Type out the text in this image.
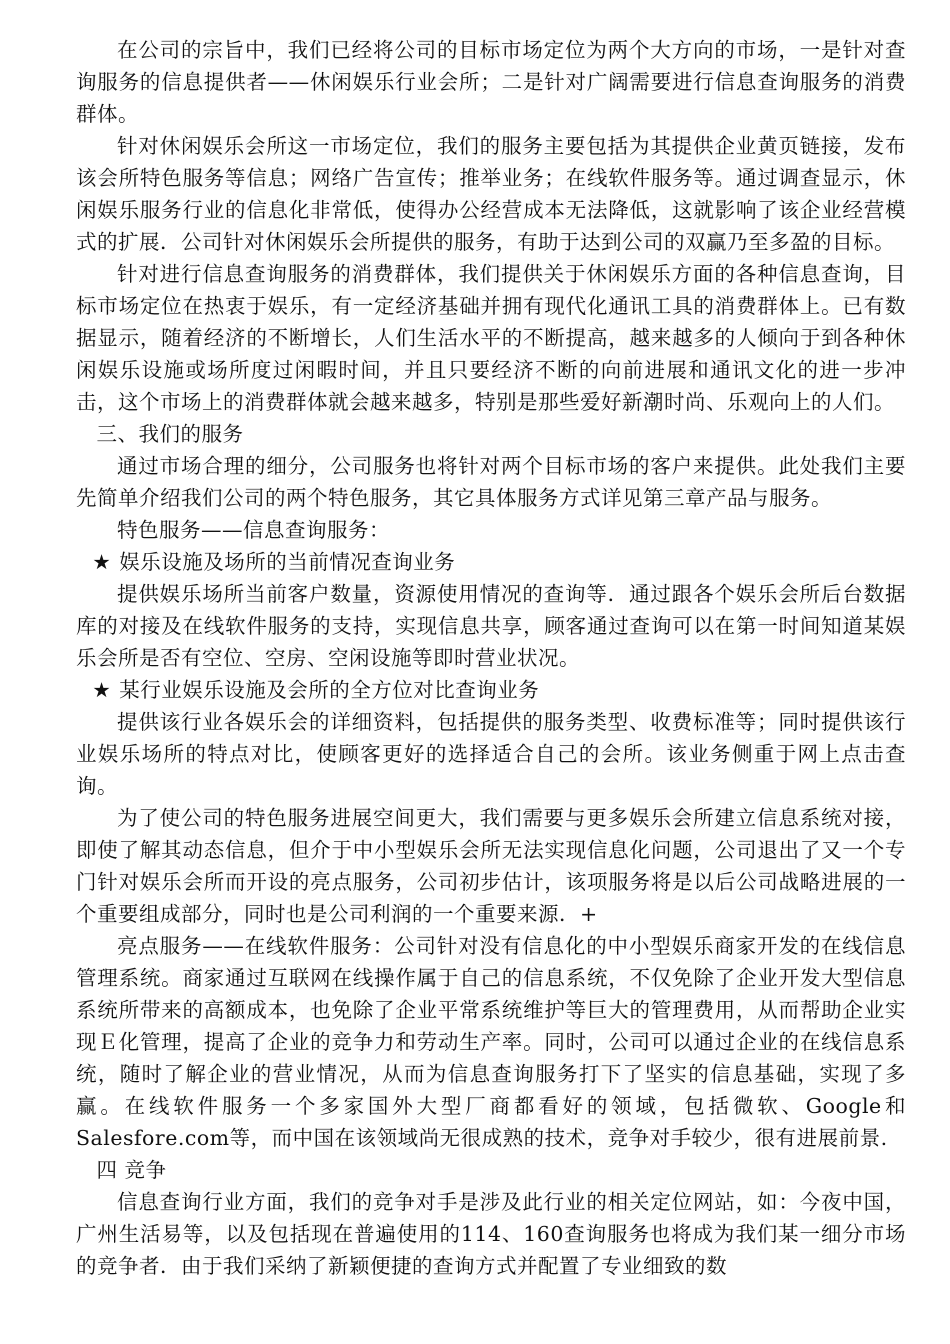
在公司的宗旨中，我们已经将公司的目标市场定位为两个大方向的市场，一是针对查询服务的信息提供者——休闲娱乐行业会所；二是针对广阔需要进行信息查询服务的消费群体。

针对休闲娱乐会所这一市场定位，我们的服务主要包括为其提供企业黄页链接，发布该会所特色服务等信息；网络广告宣传；推举业务；在线软件服务等。通过调查显示，休闲娱乐服务行业的信息化非常低，使得办公经营成本无法降低，这就影响了该企业经营模式的扩展．公司针对休闲娱乐会所提供的服务，有助于达到公司的双赢乃至多盈的目标。

针对进行信息查询服务的消费群体，我们提供关于休闲娱乐方面的各种信息查询，目标市场定位在热衷于娱乐，有一定经济基础并拥有现代化通讯工具的消费群体上。已有数据显示，随着经济的不断增长，人们生活水平的不断提高，越来越多的人倾向于到各种休闲娱乐设施或场所度过闲暇时间，并且只要经济不断的向前进展和通讯文化的进一步冲击，这个市场上的消费群体就会越来越多，特别是那些爱好新潮时尚、乐观向上的人们。

三、我们的服务

通过市场合理的细分，公司服务也将针对两个目标市场的客户来提供。此处我们主要先简单介绍我们公司的两个特色服务，其它具体服务方式详见第三章产品与服务。

特色服务——信息查询服务：

★ 娱乐设施及场所的当前情况查询业务

提供娱乐场所当前客户数量，资源使用情况的查询等．通过跟各个娱乐会所后台数据库的对接及在线软件服务的支持，实现信息共享，顾客通过查询可以在第一时间知道某娱乐会所是否有空位、空房、空闲设施等即时营业状况。

★ 某行业娱乐设施及会所的全方位对比查询业务

提供该行业各娱乐会的详细资料，包括提供的服务类型、收费标准等；同时提供该行业娱乐场所的特点对比，使顾客更好的选择适合自己的会所。该业务侧重于网上点击查询。

为了使公司的特色服务进展空间更大，我们需要与更多娱乐会所建立信息系统对接，即使了解其动态信息，但介于中小型娱乐会所无法实现信息化问题，公司退出了又一个专门针对娱乐会所而开设的亮点服务，公司初步估计，该项服务将是以后公司战略进展的一个重要组成部分，同时也是公司利润的一个重要来源．+

亮点服务——在线软件服务：公司针对没有信息化的中小型娱乐商家开发的在线信息管理系统。商家通过互联网在线操作属于自己的信息系统，不仅免除了企业开发大型信息系统所带来的高额成本，也免除了企业平常系统维护等巨大的管理费用，从而帮助企业实现Ｅ化管理，提高了企业的竞争力和劳动生产率。同时，公司可以通过企业的在线信息系统，随时了解企业的营业情况，从而为信息查询服务打下了坚实的信息基础，实现了多赢。在线软件服务一个多家国外大型厂商都看好的领域，包括微软、Google和Salesfore.com等，而中国在该领域尚无很成熟的技术，竞争对手较少，很有进展前景.

四 竞争

信息查询行业方面，我们的竞争对手是涉及此行业的相关定位网站，如：今夜中国，广州生活易等，以及包括现在普遍使用的114、160查询服务也将成为我们某一细分市场的竞争者．由于我们采纳了新颖便捷的查询方式并配置了专业细致的数
